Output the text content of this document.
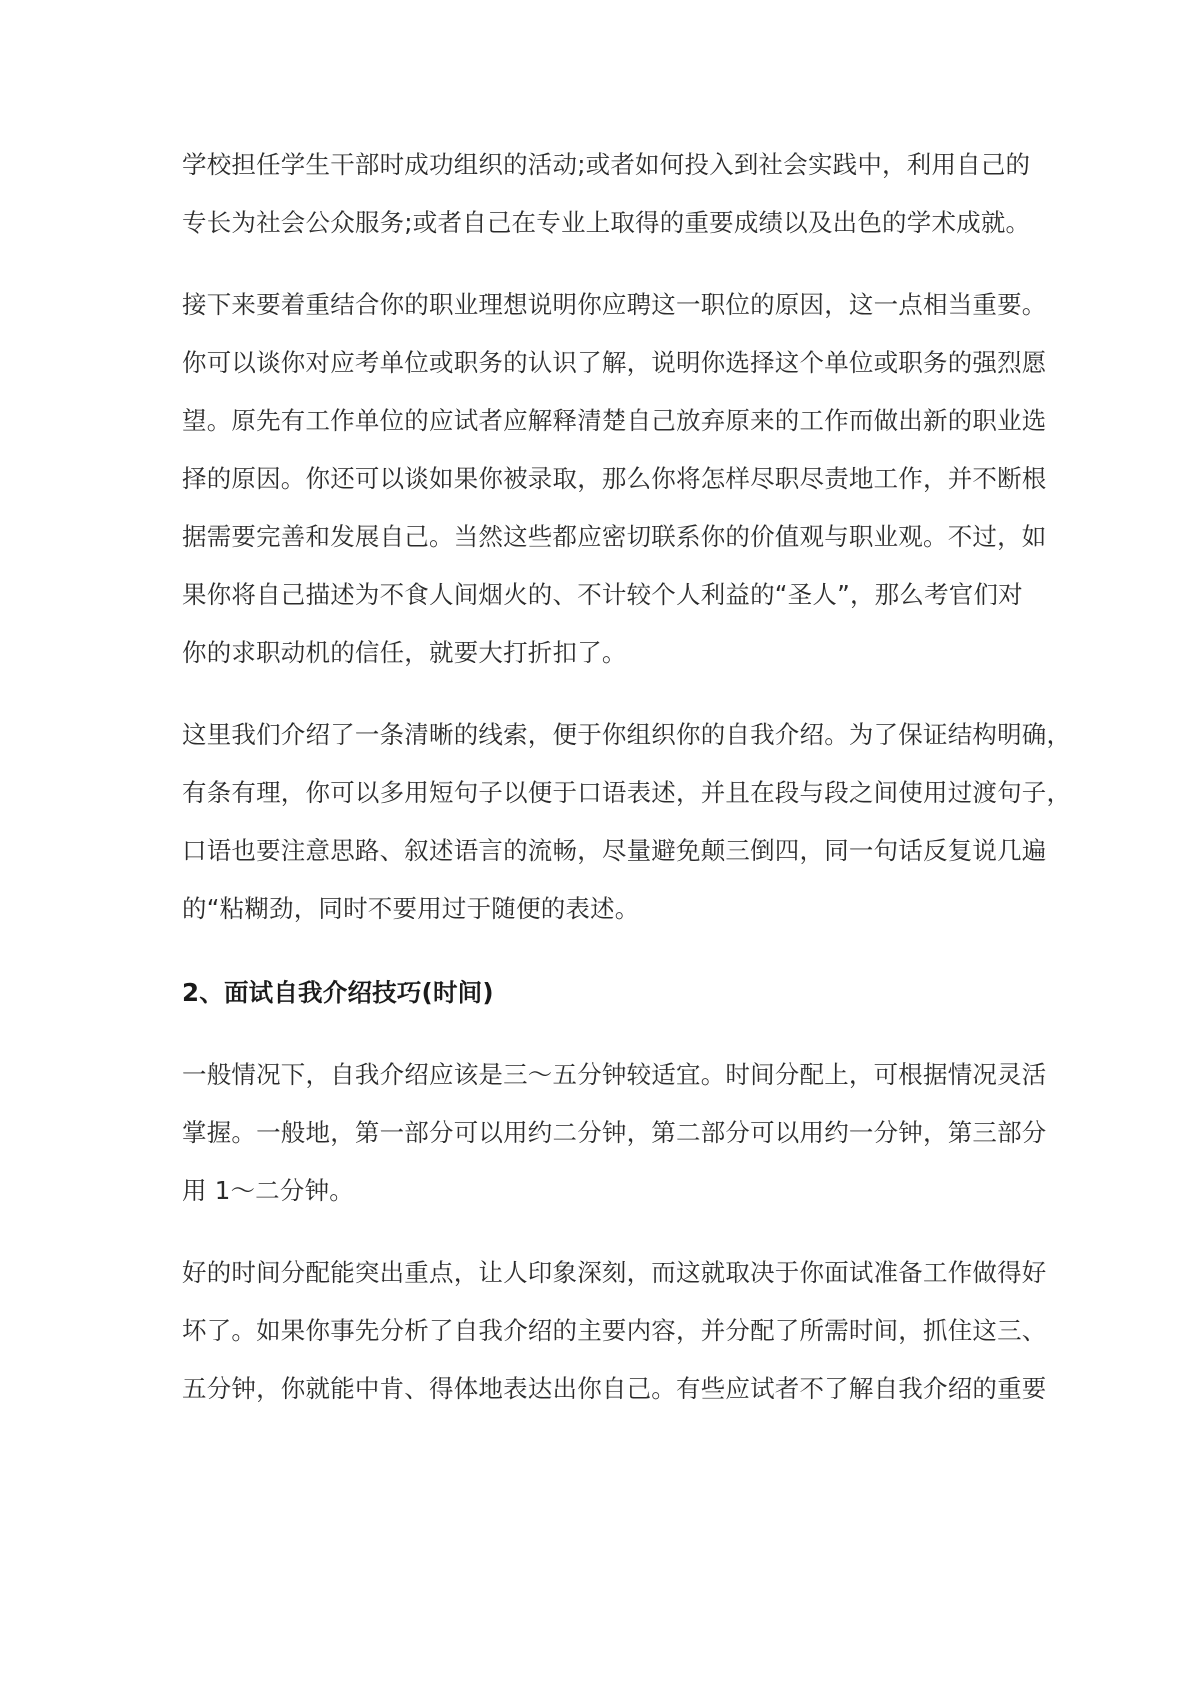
学校担任学生干部时成功组织的活动;或者如何投入到社会实践中，利用自己的
专长为社会公众服务;或者自己在专业上取得的重要成绩以及出色的学术成就。
接下来要着重结合你的职业理想说明你应聘这一职位的原因，这一点相当重要。
你可以谈你对应考单位或职务的认识了解，说明你选择这个单位或职务的强烈愿
望。原先有工作单位的应试者应解释清楚自己放弃原来的工作而做出新的职业选
择的原因。你还可以谈如果你被录取，那么你将怎样尽职尽责地工作，并不断根
据需要完善和发展自己。当然这些都应密切联系你的价值观与职业观。不过，如
果你将自己描述为不食人间烟火的、不计较个人利益的“圣人”，那么考官们对
你的求职动机的信任，就要大打折扣了。
这里我们介绍了一条清晰的线索，便于你组织你的自我介绍。为了保证结构明确，
有条有理，你可以多用短句子以便于口语表述，并且在段与段之间使用过渡句子，
口语也要注意思路、叙述语言的流畅，尽量避免颠三倒四，同一句话反复说几遍
的“粘糊劲，同时不要用过于随便的表述。
2、面试自我介绍技巧(时间)
一般情况下，自我介绍应该是三～五分钟较适宜。时间分配上，可根据情况灵活
掌握。一般地，第一部分可以用约二分钟，第二部分可以用约一分钟，第三部分
用 1～二分钟。
好的时间分配能突出重点，让人印象深刻，而这就取决于你面试准备工作做得好
坏了。如果你事先分析了自我介绍的主要内容，并分配了所需时间，抓住这三、
五分钟，你就能中肯、得体地表达出你自己。有些应试者不了解自我介绍的重要
